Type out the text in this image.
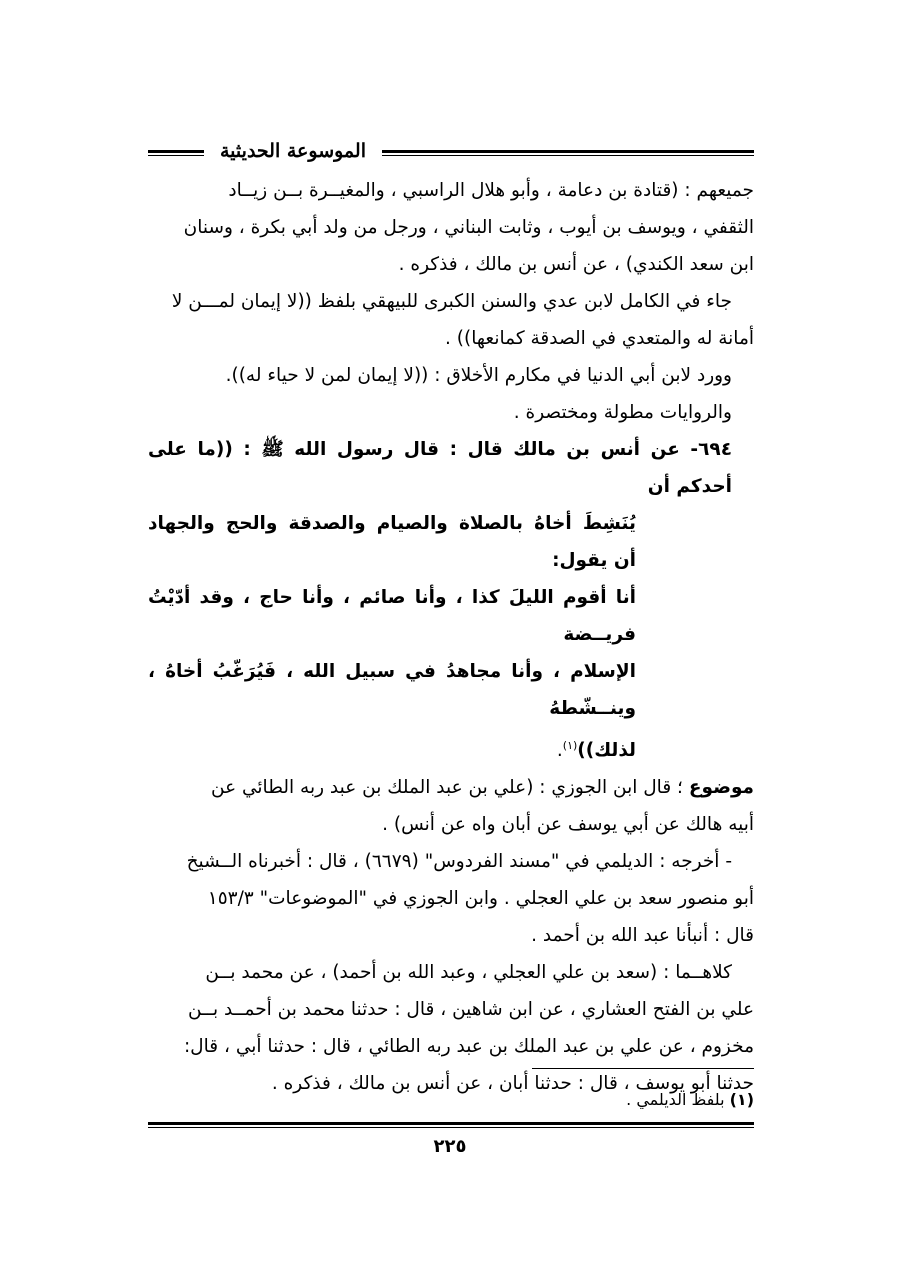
الموسوعة الحديثية

جميعهم : (قتادة بن دعامة ، وأبو هلال الراسبي ، والمغيــرة بــن زيــاد
الثقفي ، ويوسف بن أيوب ، وثابت البناني ، ورجل من ولد أبي بكرة ، وسنان
ابن سعد الكندي) ، عن أنس بن مالك ، فذكره .

جاء في الكامل لابن عدي والسنن الكبرى للبيهقي بلفظ ((لا إيمان لمـــن لا
أمانة له والمتعدي في الصدقة كمانعها)) .

وورد لابن أبي الدنيا في مكارم الأخلاق : ((لا إيمان لمن لا حياء له)).
والروايات مطولة ومختصرة .

٦٩٤- عن أنس بن مالك قال : قال رسول الله ﷺ : ((ما على أحدكم أن

يُنَشِطَ أخاهُ بالصلاة والصيام والصدقة والحج والجهاد أن يقول:
أنا أقوم الليلَ كذا ، وأنا صائم ، وأنا حاج ، وقد أدّيْتُ فريــضة
الإسلام ، وأنا مجاهدُ في سبيل الله ، فَيُرَغّبُ أخاهُ ، وينــشّطهُ
لذلك))$^{(١)}$.

موضوع ؛ قال ابن الجوزي : (علي بن عبد الملك بن عبد ربه الطائي عن
أبيه هالك عن أبي يوسف عن أبان واه عن أنس) .

- أخرجه : الديلمي في "مسند الفردوس" (٦٦٧٩) ، قال : أخبرناه الــشيخ
أبو منصور سعد بن علي العجلي . وابن الجوزي في "الموضوعات" ١٥٣/٣
قال : أنبأنا عبد الله بن أحمد .

كلاهــما : (سعد بن علي العجلي ، وعبد الله بن أحمد) ، عن محمد بــن
علي بن الفتح العشاري ، عن ابن شاهين ، قال : حدثنا محمد بن أحمــد بــن
مخزوم ، عن علي بن عبد الملك بن عبد ربه الطائي ، قال : حدثنا أبي ، قال:
حدثنا أبو يوسف ، قال : حدثنا أبان ، عن أنس بن مالك ، فذكره .

(١) بلفظ الديلمي .
٢٢٥
